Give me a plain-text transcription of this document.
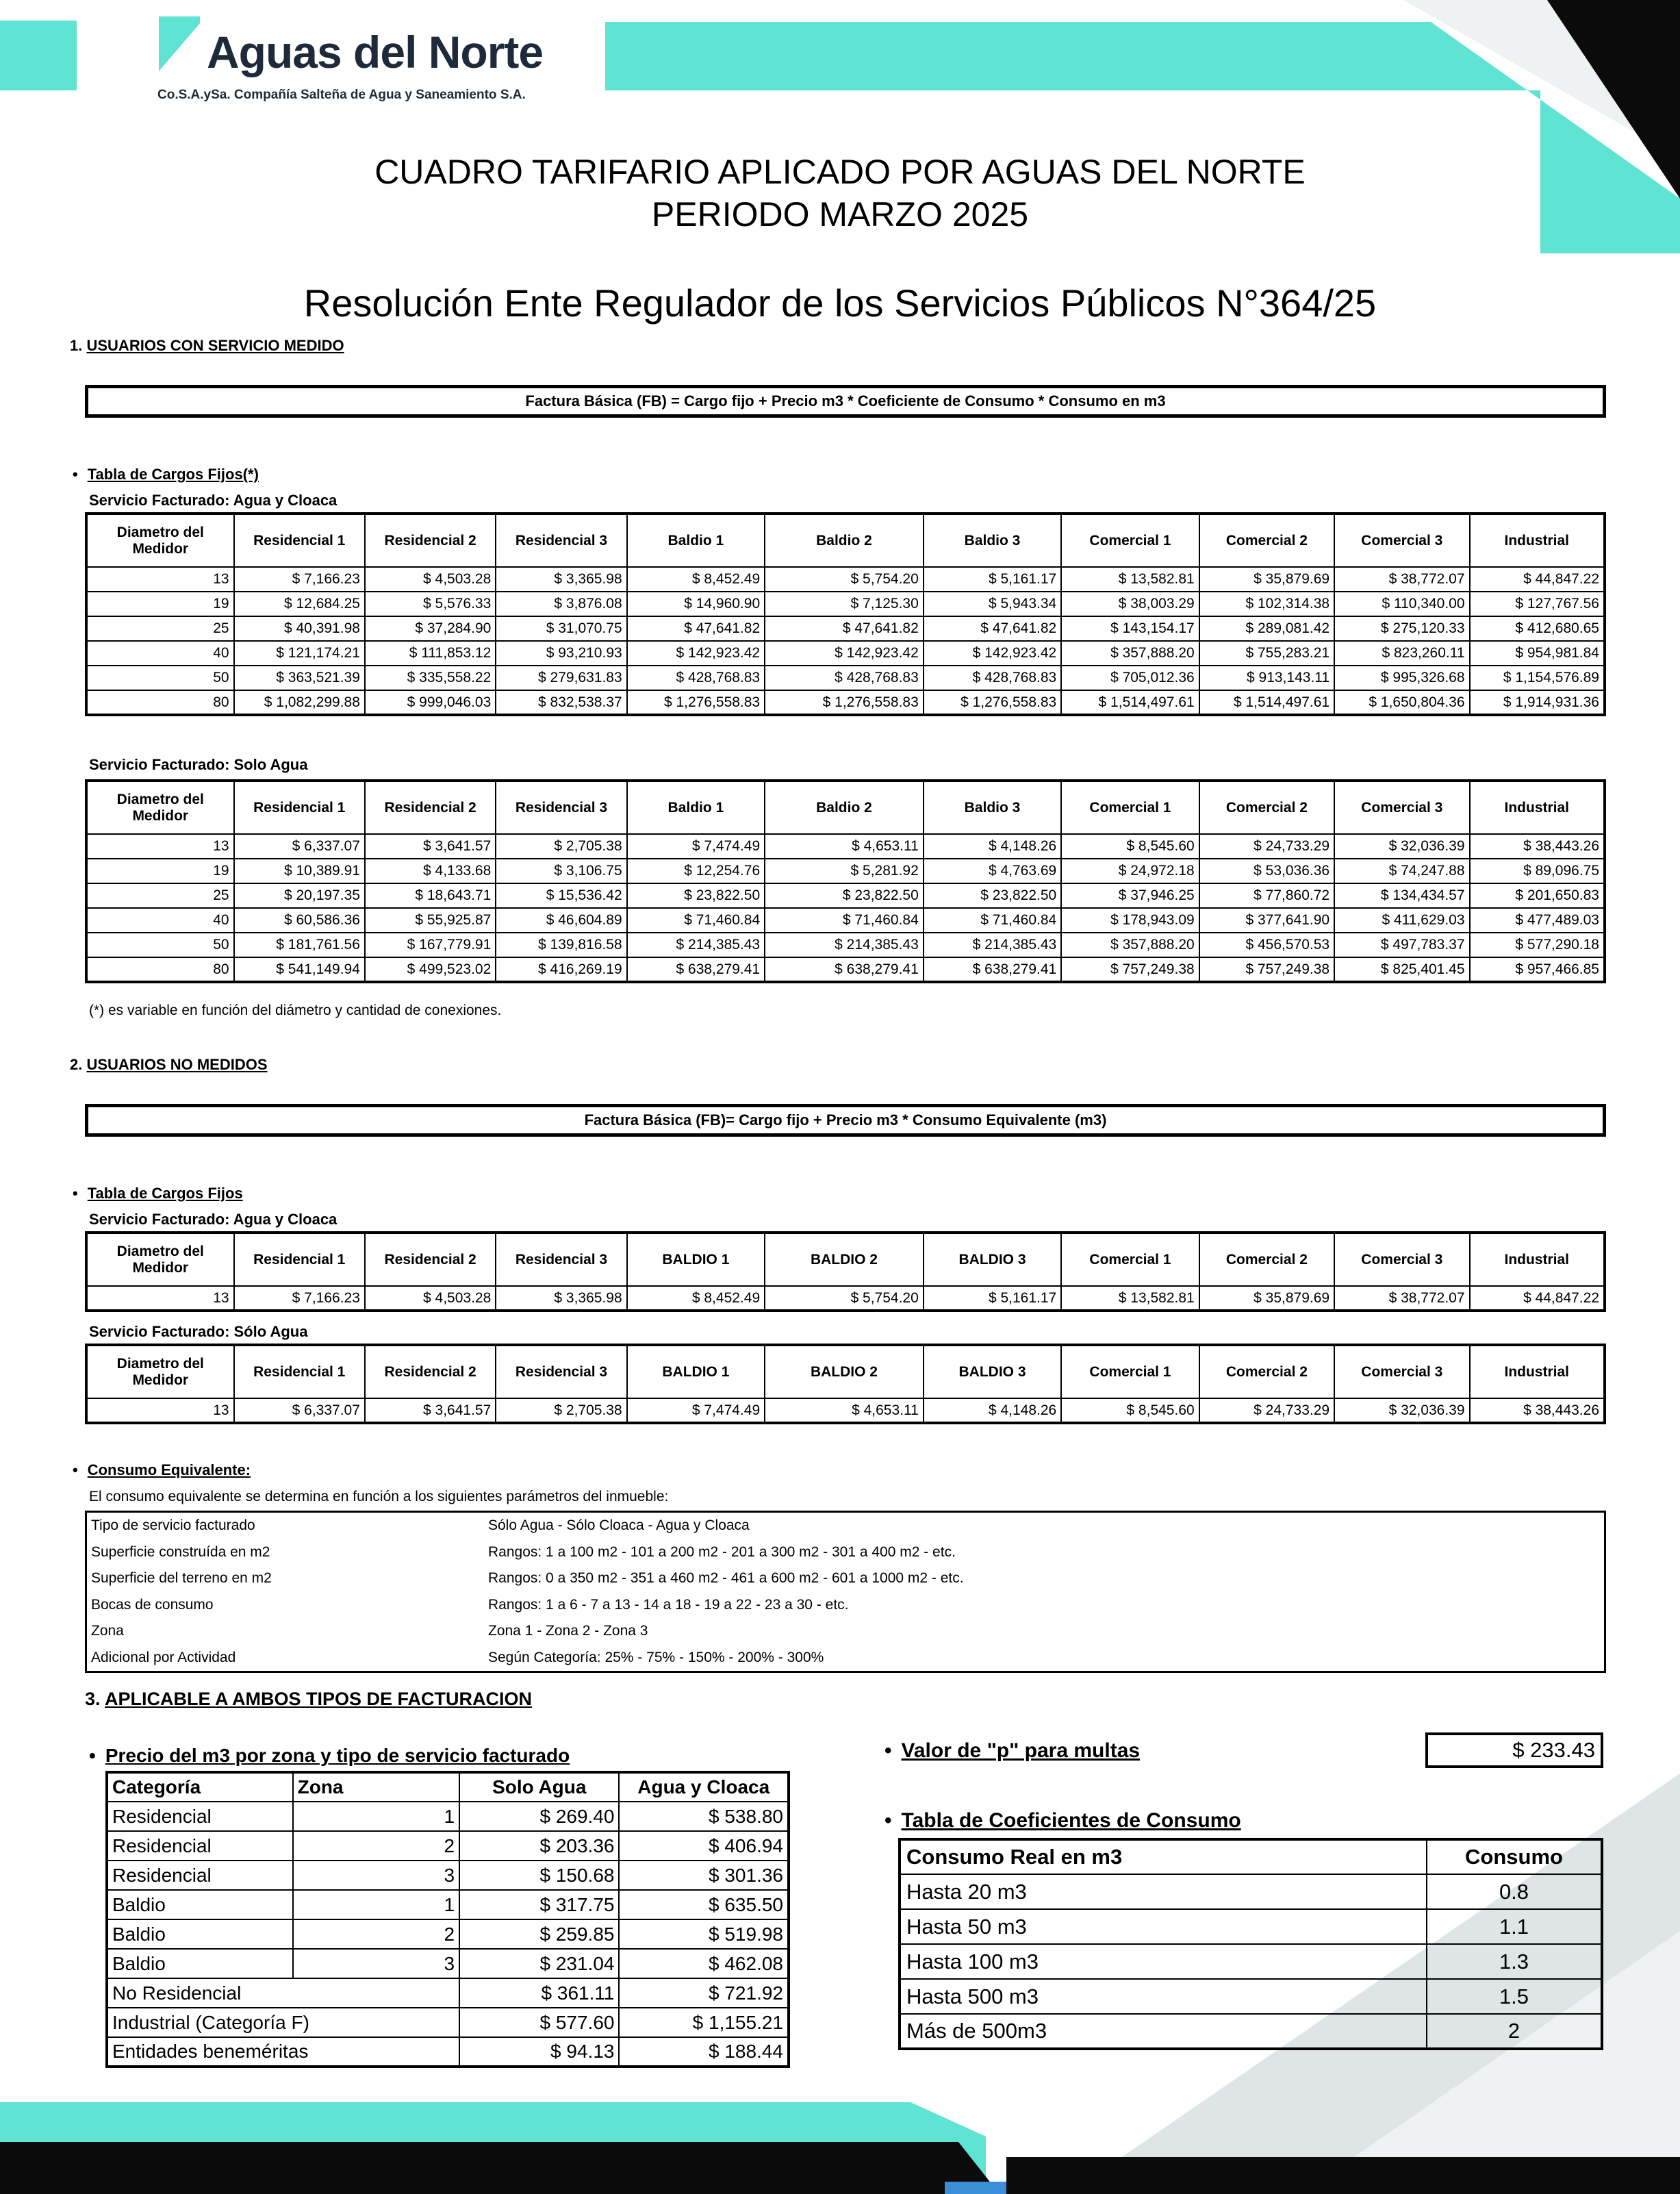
Aguas del Norte
Co.S.A.ySa. Compañía Salteña de Agua y Saneamiento S.A.
CUADRO TARIFARIO APLICADO POR AGUAS DEL NORTE
PERIODO MARZO 2025
Resolución Ente Regulador de los Servicios Públicos N°364/25
1. USUARIOS CON SERVICIO MEDIDO
Factura Básica (FB) = Cargo fijo + Precio m3 * Coeficiente de Consumo * Consumo en m3
• Tabla de Cargos Fijos(*)
Servicio Facturado: Agua y Cloaca
Diametro del Medidor	Residencial 1	Residencial 2	Residencial 3	Baldio 1	Baldio 2	Baldio 3	Comercial 1	Comercial 2	Comercial 3	Industrial
13	$ 7,166.23	$ 4,503.28	$ 3,365.98	$ 8,452.49	$ 5,754.20	$ 5,161.17	$ 13,582.81	$ 35,879.69	$ 38,772.07	$ 44,847.22
19	$ 12,684.25	$ 5,576.33	$ 3,876.08	$ 14,960.90	$ 7,125.30	$ 5,943.34	$ 38,003.29	$ 102,314.38	$ 110,340.00	$ 127,767.56
25	$ 40,391.98	$ 37,284.90	$ 31,070.75	$ 47,641.82	$ 47,641.82	$ 47,641.82	$ 143,154.17	$ 289,081.42	$ 275,120.33	$ 412,680.65
40	$ 121,174.21	$ 111,853.12	$ 93,210.93	$ 142,923.42	$ 142,923.42	$ 142,923.42	$ 357,888.20	$ 755,283.21	$ 823,260.11	$ 954,981.84
50	$ 363,521.39	$ 335,558.22	$ 279,631.83	$ 428,768.83	$ 428,768.83	$ 428,768.83	$ 705,012.36	$ 913,143.11	$ 995,326.68	$ 1,154,576.89
80	$ 1,082,299.88	$ 999,046.03	$ 832,538.37	$ 1,276,558.83	$ 1,276,558.83	$ 1,276,558.83	$ 1,514,497.61	$ 1,514,497.61	$ 1,650,804.36	$ 1,914,931.36
Servicio Facturado: Solo Agua
Diametro del Medidor	Residencial 1	Residencial 2	Residencial 3	Baldio 1	Baldio 2	Baldio 3	Comercial 1	Comercial 2	Comercial 3	Industrial
13	$ 6,337.07	$ 3,641.57	$ 2,705.38	$ 7,474.49	$ 4,653.11	$ 4,148.26	$ 8,545.60	$ 24,733.29	$ 32,036.39	$ 38,443.26
19	$ 10,389.91	$ 4,133.68	$ 3,106.75	$ 12,254.76	$ 5,281.92	$ 4,763.69	$ 24,972.18	$ 53,036.36	$ 74,247.88	$ 89,096.75
25	$ 20,197.35	$ 18,643.71	$ 15,536.42	$ 23,822.50	$ 23,822.50	$ 23,822.50	$ 37,946.25	$ 77,860.72	$ 134,434.57	$ 201,650.83
40	$ 60,586.36	$ 55,925.87	$ 46,604.89	$ 71,460.84	$ 71,460.84	$ 71,460.84	$ 178,943.09	$ 377,641.90	$ 411,629.03	$ 477,489.03
50	$ 181,761.56	$ 167,779.91	$ 139,816.58	$ 214,385.43	$ 214,385.43	$ 214,385.43	$ 357,888.20	$ 456,570.53	$ 497,783.37	$ 577,290.18
80	$ 541,149.94	$ 499,523.02	$ 416,269.19	$ 638,279.41	$ 638,279.41	$ 638,279.41	$ 757,249.38	$ 757,249.38	$ 825,401.45	$ 957,466.85
(*) es variable en función del diámetro y cantidad de conexiones.
2. USUARIOS NO MEDIDOS
Factura Básica (FB)= Cargo fijo + Precio m3 * Consumo Equivalente (m3)
• Tabla de Cargos Fijos
Servicio Facturado: Agua y Cloaca
Diametro del Medidor	Residencial 1	Residencial 2	Residencial 3	BALDIO 1	BALDIO 2	BALDIO 3	Comercial 1	Comercial 2	Comercial 3	Industrial
13	$ 7,166.23	$ 4,503.28	$ 3,365.98	$ 8,452.49	$ 5,754.20	$ 5,161.17	$ 13,582.81	$ 35,879.69	$ 38,772.07	$ 44,847.22
Servicio Facturado: Sólo Agua
Diametro del Medidor	Residencial 1	Residencial 2	Residencial 3	BALDIO 1	BALDIO 2	BALDIO 3	Comercial 1	Comercial 2	Comercial 3	Industrial
13	$ 6,337.07	$ 3,641.57	$ 2,705.38	$ 7,474.49	$ 4,653.11	$ 4,148.26	$ 8,545.60	$ 24,733.29	$ 32,036.39	$ 38,443.26
• Consumo Equivalente:
El consumo equivalente se determina en función a los siguientes parámetros del inmueble:
Tipo de servicio facturado	Sólo Agua - Sólo Cloaca - Agua y Cloaca
Superficie construída en m2	Rangos: 1 a 100 m2 - 101 a 200 m2 - 201 a 300 m2 - 301 a 400 m2 - etc.
Superficie del terreno en m2	Rangos: 0 a 350 m2 - 351 a 460 m2 - 461 a 600 m2 - 601 a 1000 m2 - etc.
Bocas de consumo	Rangos: 1 a 6 - 7 a 13 - 14 a 18 - 19 a 22 - 23 a 30 - etc.
Zona	Zona 1 - Zona 2 - Zona 3
Adicional por Actividad	Según Categoría: 25% - 75% - 150% - 200% - 300%
3. APLICABLE A AMBOS TIPOS DE FACTURACION
• Precio del m3 por zona y tipo de servicio facturado
Categoría	Zona	Solo Agua	Agua y Cloaca
Residencial	1	$ 269.40	$ 538.80
Residencial	2	$ 203.36	$ 406.94
Residencial	3	$ 150.68	$ 301.36
Baldio	1	$ 317.75	$ 635.50
Baldio	2	$ 259.85	$ 519.98
Baldio	3	$ 231.04	$ 462.08
No Residencial		$ 361.11	$ 721.92
Industrial (Categoría F)		$ 577.60	$ 1,155.21
Entidades beneméritas		$ 94.13	$ 188.44
• Valor de "p" para multas	$ 233.43
• Tabla de Coeficientes de Consumo
Consumo Real en m3	Consumo
Hasta 20 m3	0.8
Hasta 50 m3	1.1
Hasta 100 m3	1.3
Hasta 500 m3	1.5
Más de 500m3	2
